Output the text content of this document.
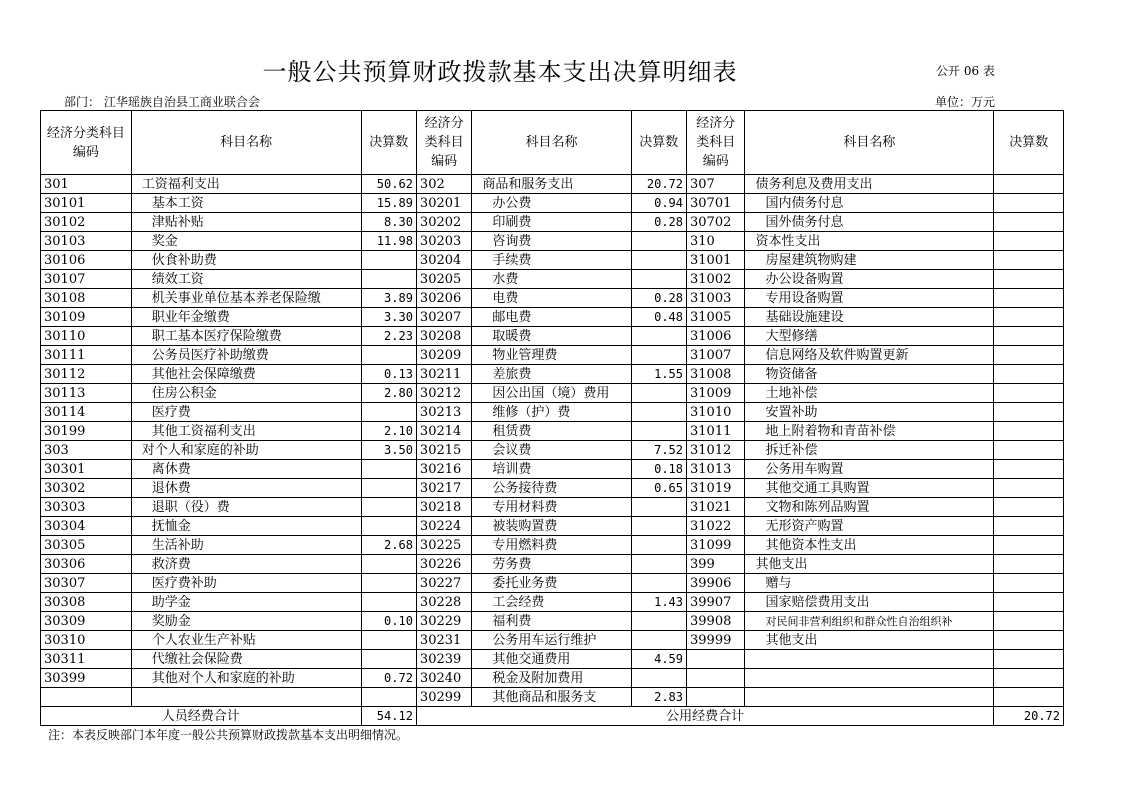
一般公共预算财政拨款基本支出决算明细表	公开 06 表
部门： 江华瑶族自治县工商业联合会	单位：万元
经济分类科目编码	科目名称	决算数	经济分类科目编码	科目名称	决算数	经济分类科目编码	科目名称	决算数
301	工资福利支出	50.62	302	商品和服务支出	20.72	307	债务利息及费用支出	
30101	基本工资	15.89	30201	办公费	0.94	30701	国内债务付息	
30102	津贴补贴	8.30	30202	印刷费	0.28	30702	国外债务付息	
30103	奖金	11.98	30203	咨询费		310	资本性支出	
30106	伙食补助费		30204	手续费		31001	房屋建筑物购建	
30107	绩效工资		30205	水费		31002	办公设备购置	
30108	机关事业单位基本养老保险缴	3.89	30206	电费	0.28	31003	专用设备购置	
30109	职业年金缴费	3.30	30207	邮电费	0.48	31005	基础设施建设	
30110	职工基本医疗保险缴费	2.23	30208	取暖费		31006	大型修缮	
30111	公务员医疗补助缴费		30209	物业管理费		31007	信息网络及软件购置更新	
30112	其他社会保障缴费	0.13	30211	差旅费	1.55	31008	物资储备	
30113	住房公积金	2.80	30212	因公出国（境）费用		31009	土地补偿	
30114	医疗费		30213	维修（护）费		31010	安置补助	
30199	其他工资福利支出	2.10	30214	租赁费		31011	地上附着物和青苗补偿	
303	对个人和家庭的补助	3.50	30215	会议费	7.52	31012	拆迁补偿	
30301	离休费		30216	培训费	0.18	31013	公务用车购置	
30302	退休费		30217	公务接待费	0.65	31019	其他交通工具购置	
30303	退职（役）费		30218	专用材料费		31021	文物和陈列品购置	
30304	抚恤金		30224	被装购置费		31022	无形资产购置	
30305	生活补助	2.68	30225	专用燃料费		31099	其他资本性支出	
30306	救济费		30226	劳务费		399	其他支出	
30307	医疗费补助		30227	委托业务费		39906	赠与	
30308	助学金		30228	工会经费	1.43	39907	国家赔偿费用支出	
30309	奖励金	0.10	30229	福利费		39908	对民间非营利组织和群众性自治组织补	
30310	个人农业生产补贴		30231	公务用车运行维护		39999	其他支出	
30311	代缴社会保险费		30239	其他交通费用	4.59			
30399	其他对个人和家庭的补助	0.72	30240	税金及附加费用				
			30299	其他商品和服务支	2.83			
人员经费合计		54.12	公用经费合计					20.72
注：本表反映部门本年度一般公共预算财政拨款基本支出明细情况。
